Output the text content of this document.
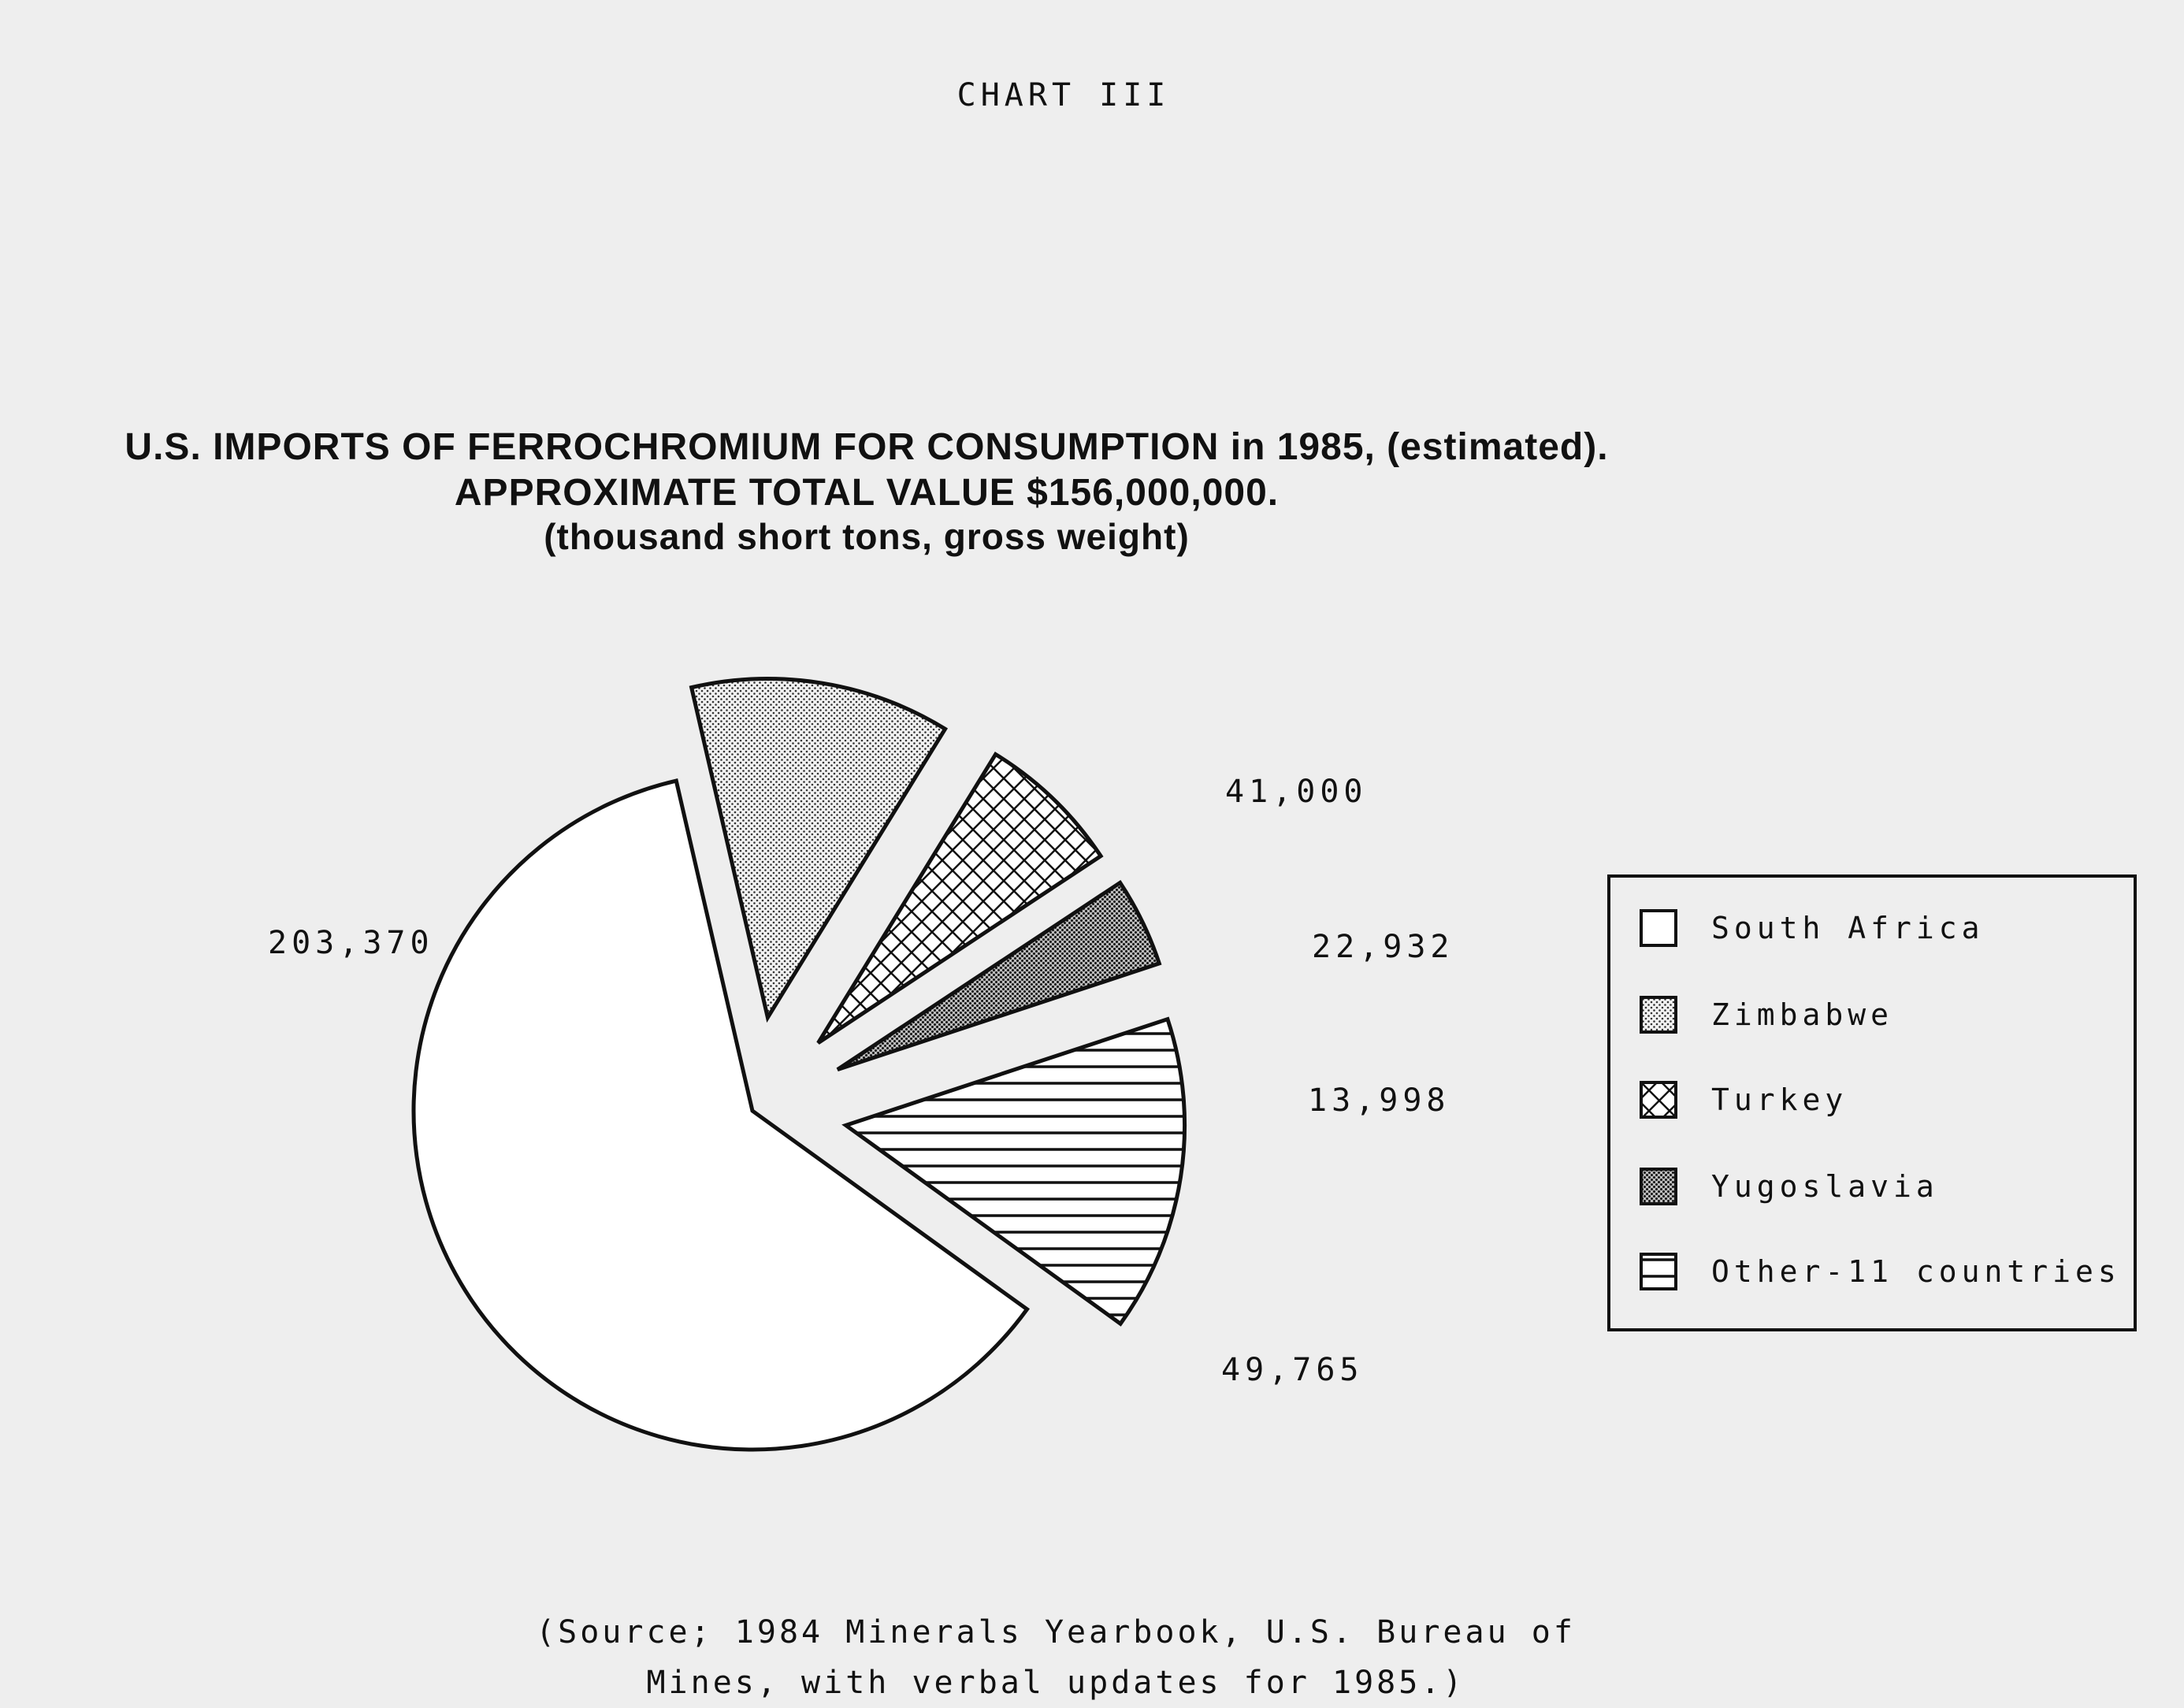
CHART III
U.S. IMPORTS OF FERROCHROMIUM FOR CONSUMPTION in 1985, (estimated).
APPROXIMATE TOTAL VALUE $156,000,000.
(thousand short tons, gross weight)
203,370
41,000
22,932
13,998
49,765
South Africa
Zimbabwe
Turkey
Yugoslavia
Other-11 countries
(Source; 1984 Minerals Yearbook, U.S. Bureau of
Mines, with verbal updates for 1985.)
